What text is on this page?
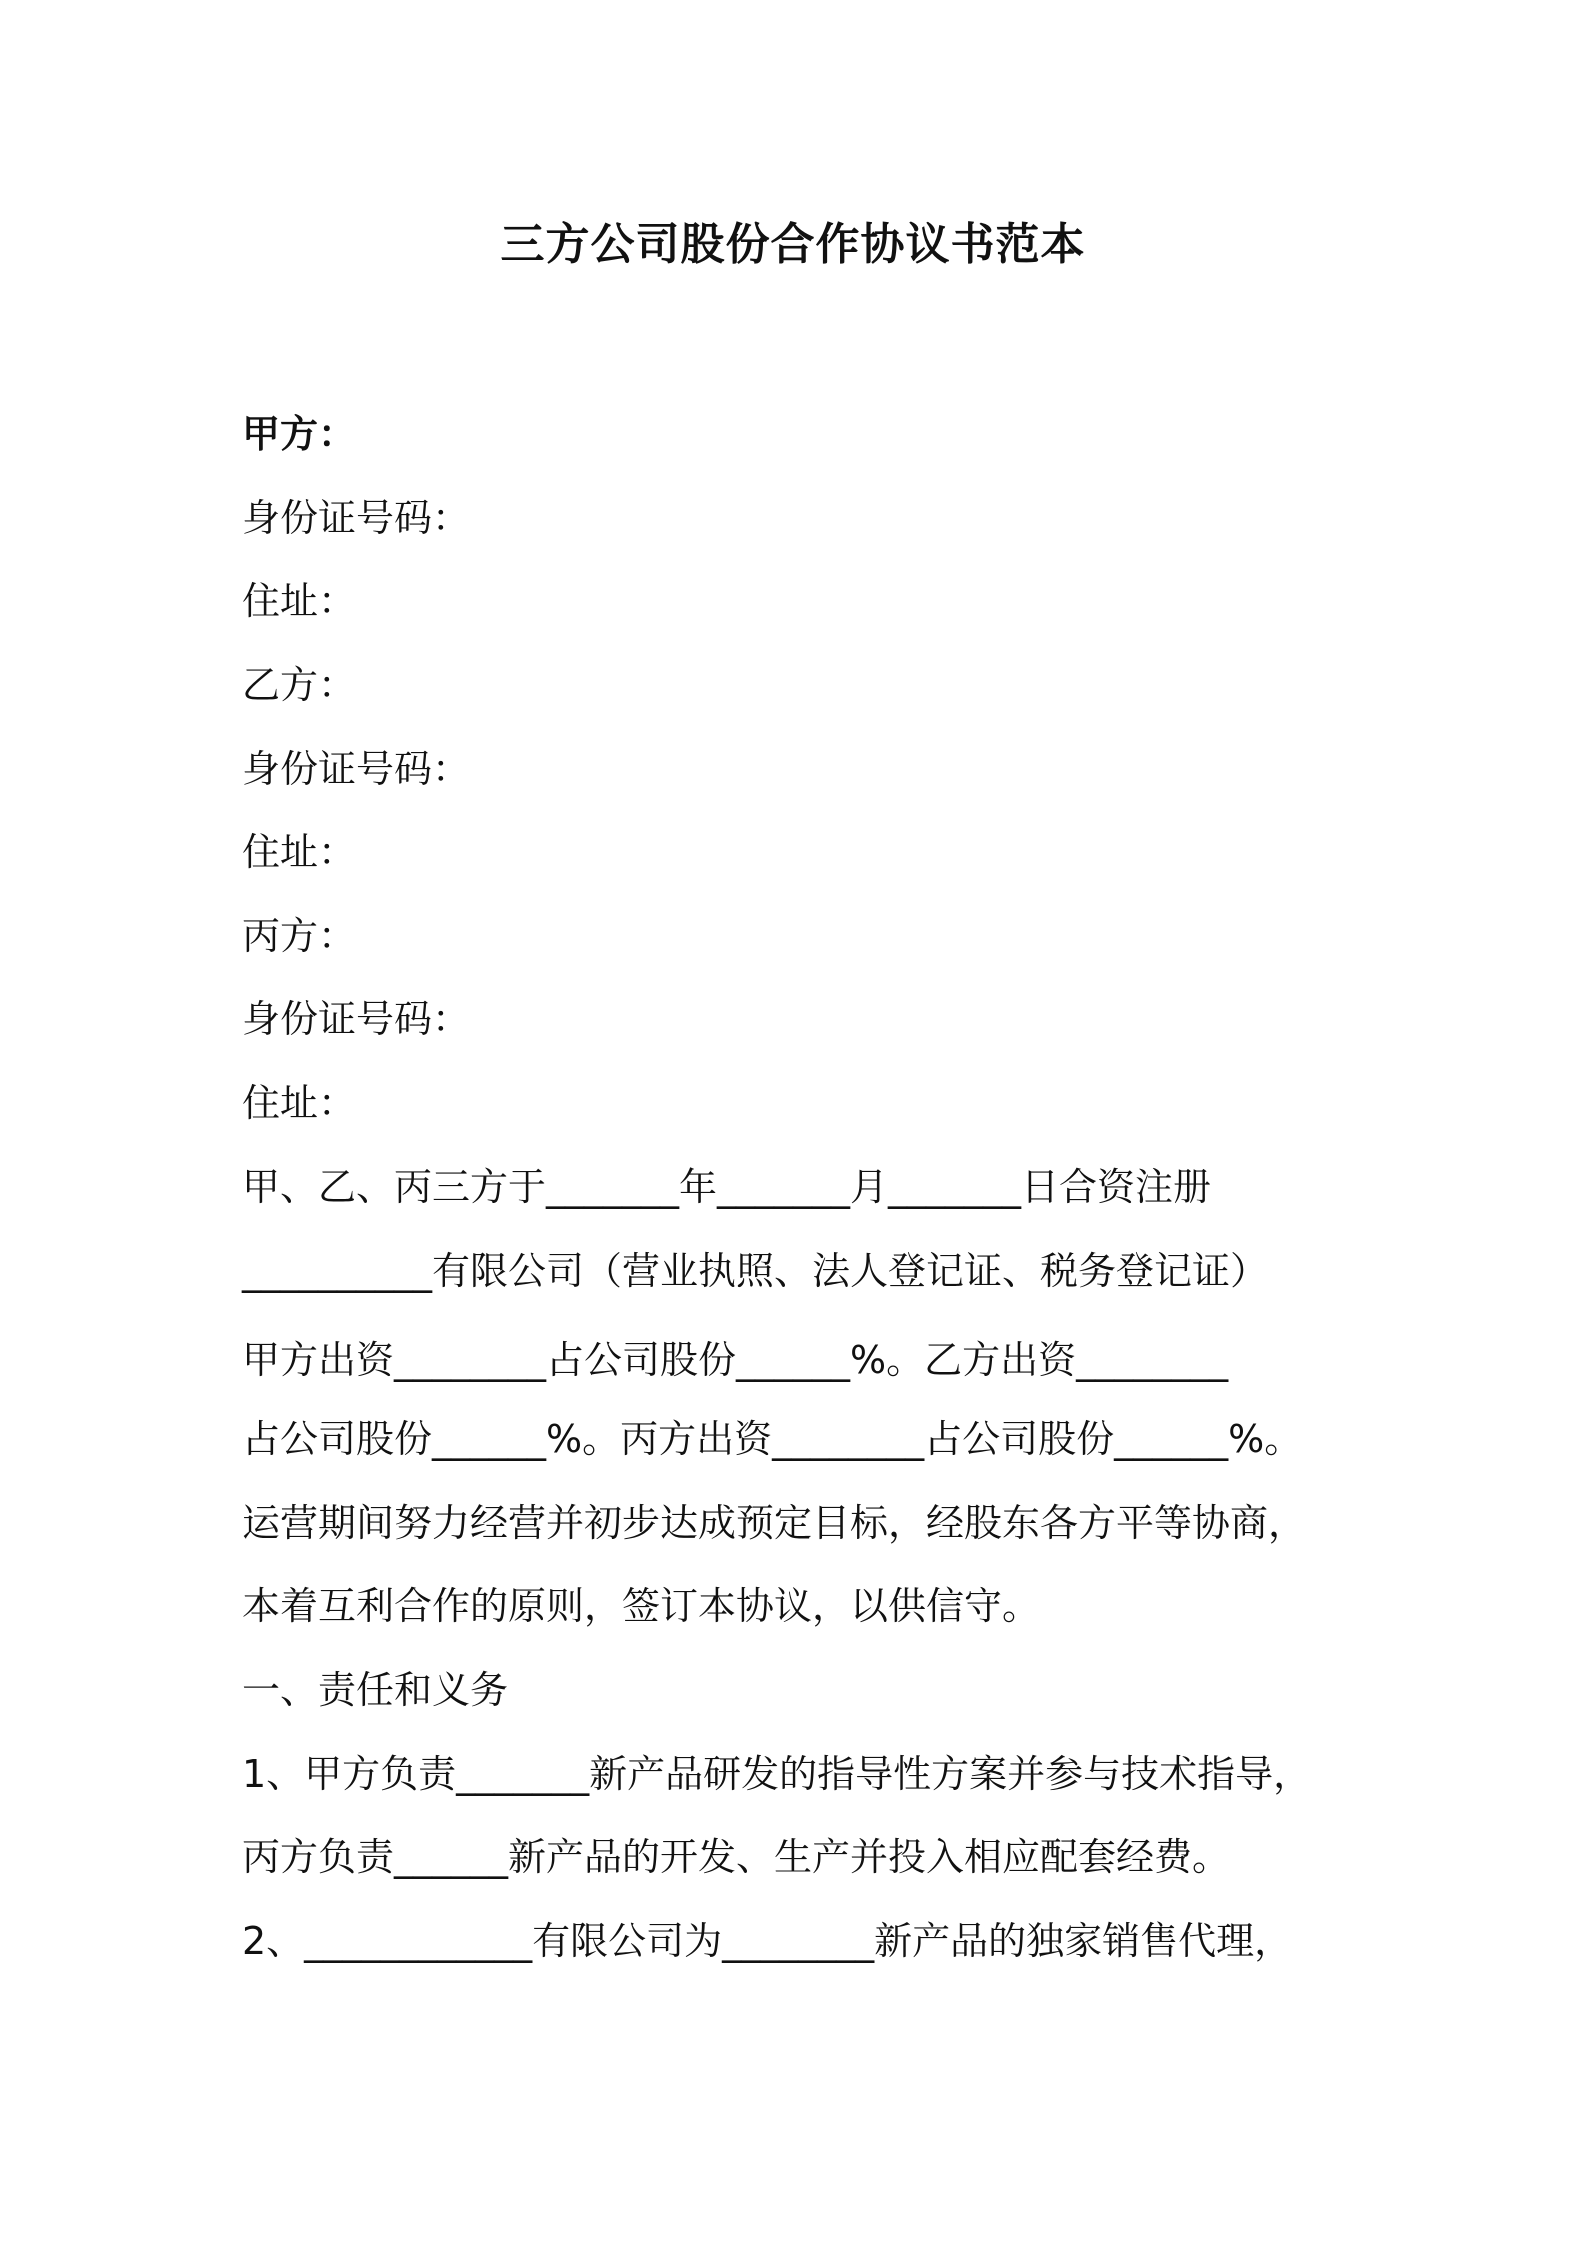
三方公司股份合作协议书范本
甲方：
身份证号码：
住址：
乙方：
身份证号码：
住址：
丙方：
身份证号码：
住址：
甲、乙、丙三方于_______年_______月_______日合资注册
__________有限公司（营业执照、法人登记证、税务登记证）
甲方出资________占公司股份______%。乙方出资________
占公司股份______%。丙方出资________占公司股份______%。
运营期间努力经营并初步达成预定目标，经股东各方平等协商，
本着互利合作的原则，签订本协议，以供信守。
一、责任和义务
1、甲方负责_______新产品研发的指导性方案并参与技术指导，
丙方负责______新产品的开发、生产并投入相应配套经费。
2、____________有限公司为________新产品的独家销售代理，
